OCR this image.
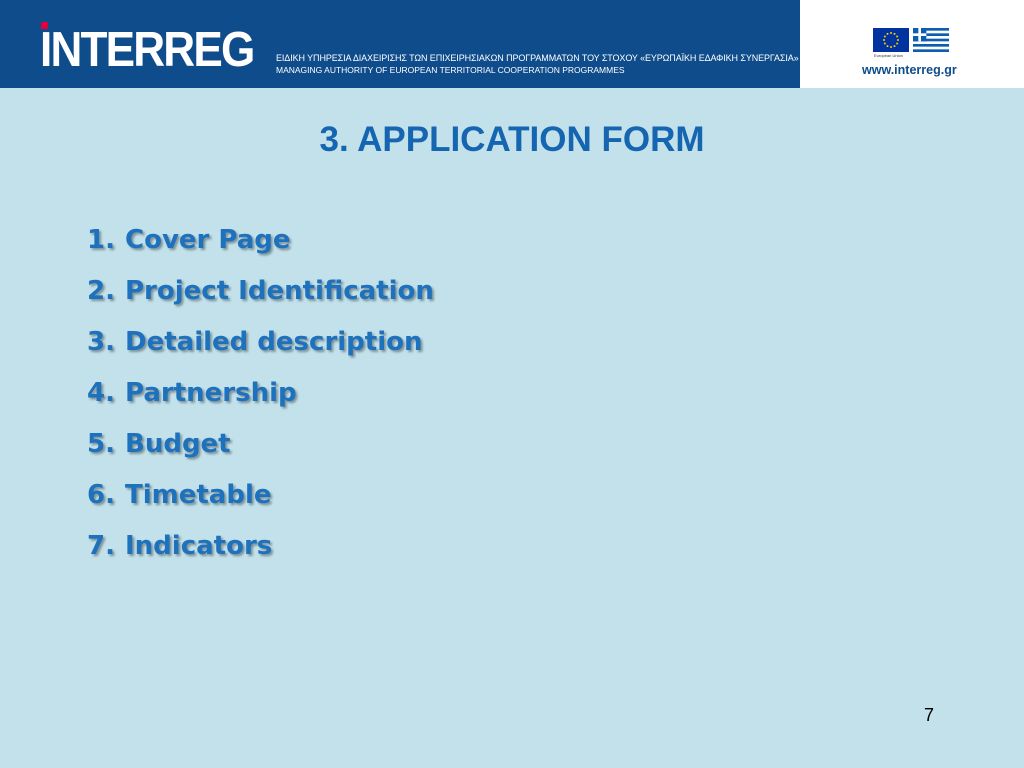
INTERREG	ΕΙΔΙΚΗ ΥΠΗΡΕΣΙΑ ΔΙΑΧΕΙΡΙΣΗΣ ΤΩΝ ΕΠΙΧΕΙΡΗΣΙΑΚΩΝ ΠΡΟΓΡΑΜΜΑΤΩΝ ΤΟΥ ΣΤΟΧΟΥ «ΕΥΡΩΠΑΪΚΗ ΕΔΑΦΙΚΗ ΣΥΝΕΡΓΑΣΙΑ»
MANAGING AUTHORITY OF EUROPEAN TERRITORIAL COOPERATION PROGRAMMES
European Union
www.interreg.gr
3. APPLICATION FORM
1. Cover Page
2. Project Identification
3. Detailed description
4. Partnership
5. Budget
6. Timetable
7. Indicators
7
